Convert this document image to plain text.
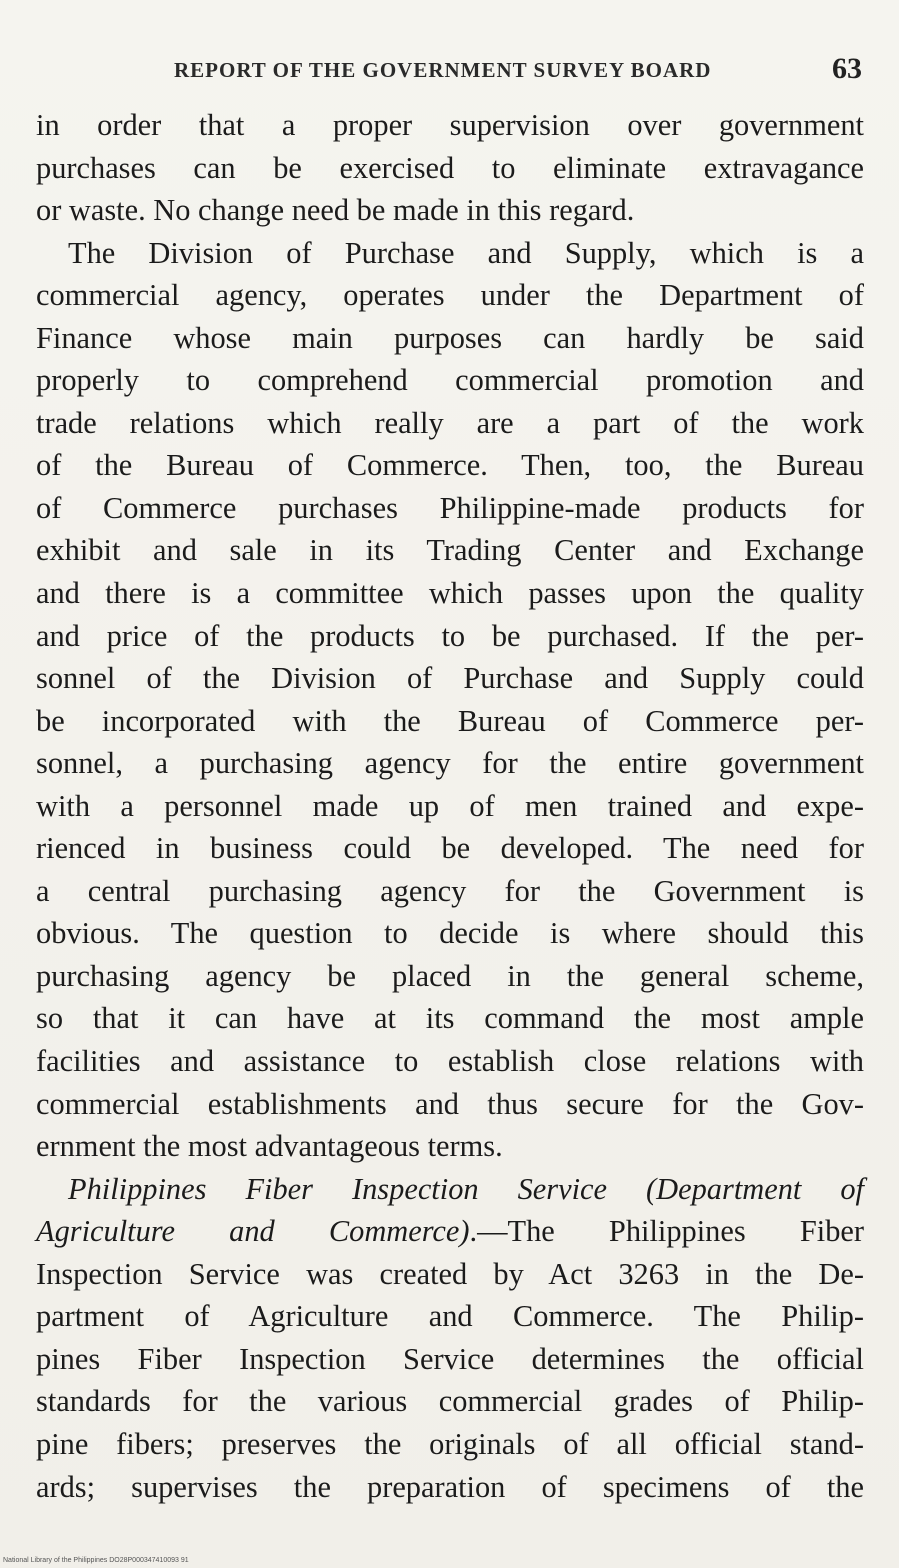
REPORT OF THE GOVERNMENT SURVEY BOARD	63
in order that a proper supervision over government
purchases can be exercised to eliminate extravagance
or waste. No change need be made in this regard.
The Division of Purchase and Supply, which is a
commercial agency, operates under the Department of
Finance whose main purposes can hardly be said
properly to comprehend commercial promotion and
trade relations which really are a part of the work
of the Bureau of Commerce. Then, too, the Bureau
of Commerce purchases Philippine-made products for
exhibit and sale in its Trading Center and Exchange
and there is a committee which passes upon the quality
and price of the products to be purchased. If the per-
sonnel of the Division of Purchase and Supply could
be incorporated with the Bureau of Commerce per-
sonnel, a purchasing agency for the entire government
with a personnel made up of men trained and expe-
rienced in business could be developed. The need for
a central purchasing agency for the Government is
obvious. The question to decide is where should this
purchasing agency be placed in the general scheme,
so that it can have at its command the most ample
facilities and assistance to establish close relations with
commercial establishments and thus secure for the Gov-
ernment the most advantageous terms.
Philippines Fiber Inspection Service (Department of
Agriculture and Commerce).—The Philippines Fiber
Inspection Service was created by Act 3263 in the De-
partment of Agriculture and Commerce. The Philip-
pines Fiber Inspection Service determines the official
standards for the various commercial grades of Philip-
pine fibers; preserves the originals of all official stand-
ards; supervises the preparation of specimens of the
National Library of the Philippines DO28P000347410093 91
